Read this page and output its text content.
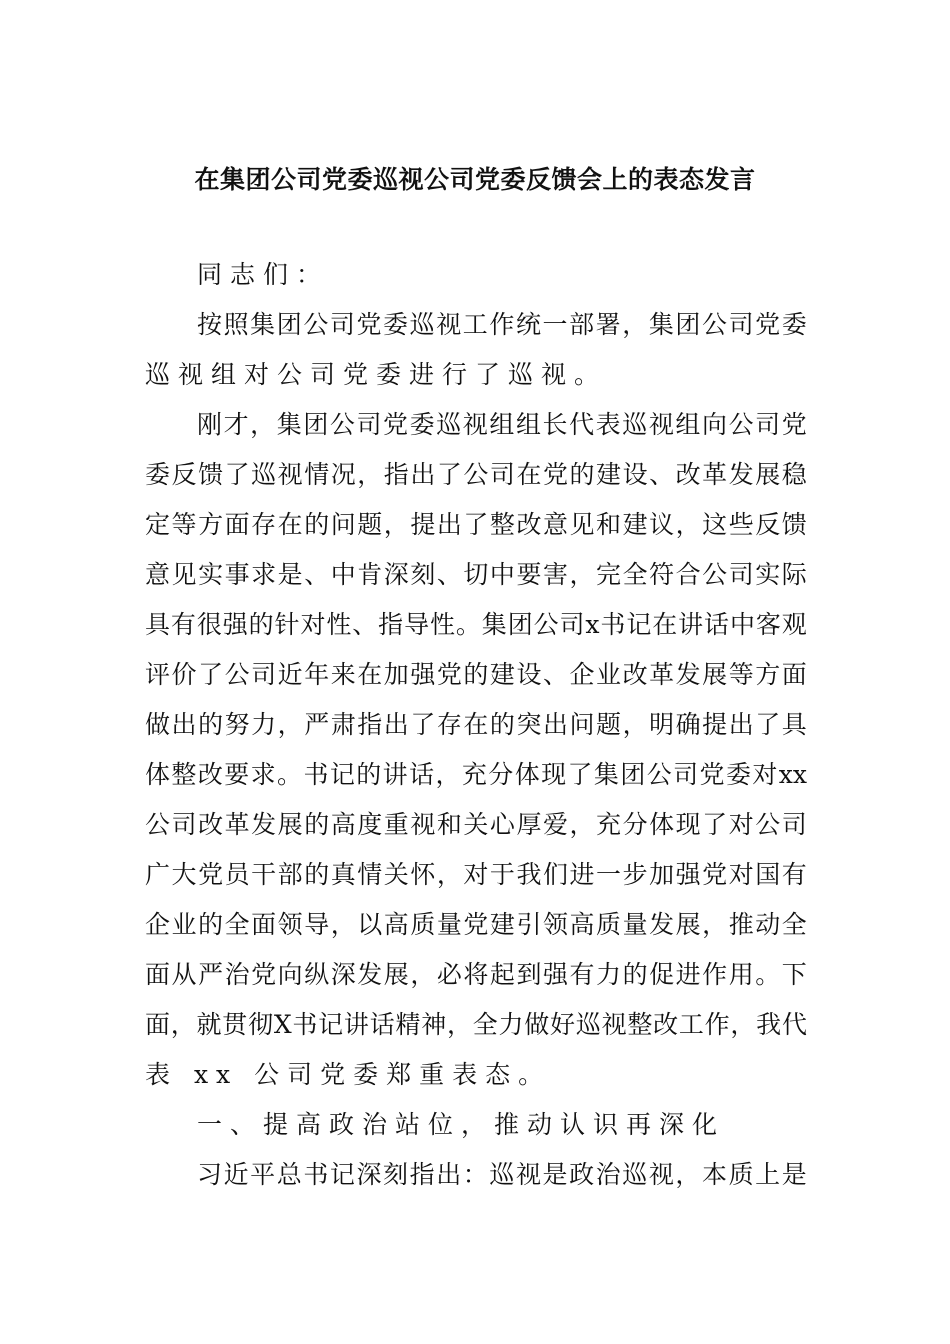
在集团公司党委巡视公司党委反馈会上的表态发言
同志们：
按 照 集 团 公 司 党 委 巡 视 工 作 统 一 部 署 ， 集 团 公 司 党 委
巡视组对公司党委进行了巡视。
刚 才 ， 集 团 公 司 党 委 巡 视 组 组 长 代 表 巡 视 组 向 公 司 党
委 反 馈 了 巡 视 情 况 ， 指 出 了 公 司 在 党 的 建 设 、 改 革 发 展 稳
定 等 方 面 存 在 的 问 题 ， 提 出 了 整 改 意 见 和 建 议 ， 这 些 反 馈
意 见 实 事 求 是 、 中 肯 深 刻 、 切 中 要 害 ， 完 全 符 合 公 司 实 际
具 有 很 强 的 针 对 性 、 指 导 性 。 集 团 公 司 x 书 记 在 讲 话 中 客 观
评 价 了 公 司 近 年 来 在 加 强 党 的 建 设 、 企 业 改 革 发 展 等 方 面
做 出 的 努 力 ， 严 肃 指 出 了 存 在 的 突 出 问 题 ， 明 确 提 出 了 具
体 整 改 要 求 。 书 记 的 讲 话 ， 充 分 体 现 了 集 团 公 司 党 委 对 xx
公 司 改 革 发 展 的 高 度 重 视 和 关 心 厚 爱 ， 充 分 体 现 了 对 公 司
广 大 党 员 干 部 的 真 情 关 怀 ， 对 于 我 们 进 一 步 加 强 党 对 国 有
企 业 的 全 面 领 导 ， 以 高 质 量 党 建 引 领 高 质 量 发 展 ， 推 动 全
面 从 严 治 党 向 纵 深 发 展 ， 必 将 起 到 强 有 力 的 促 进 作 用 。 下
面 ， 就 贯 彻 X 书 记 讲 话 精 神 ， 全 力 做 好 巡 视 整 改 工 作 ， 我 代
表 xx 公司党委郑重表态。
一、提高政治站位，推动认识再深化
习 近 平 总 书 记 深 刻 指 出 ： 巡 视 是 政 治 巡 视 ， 本 质 上 是
